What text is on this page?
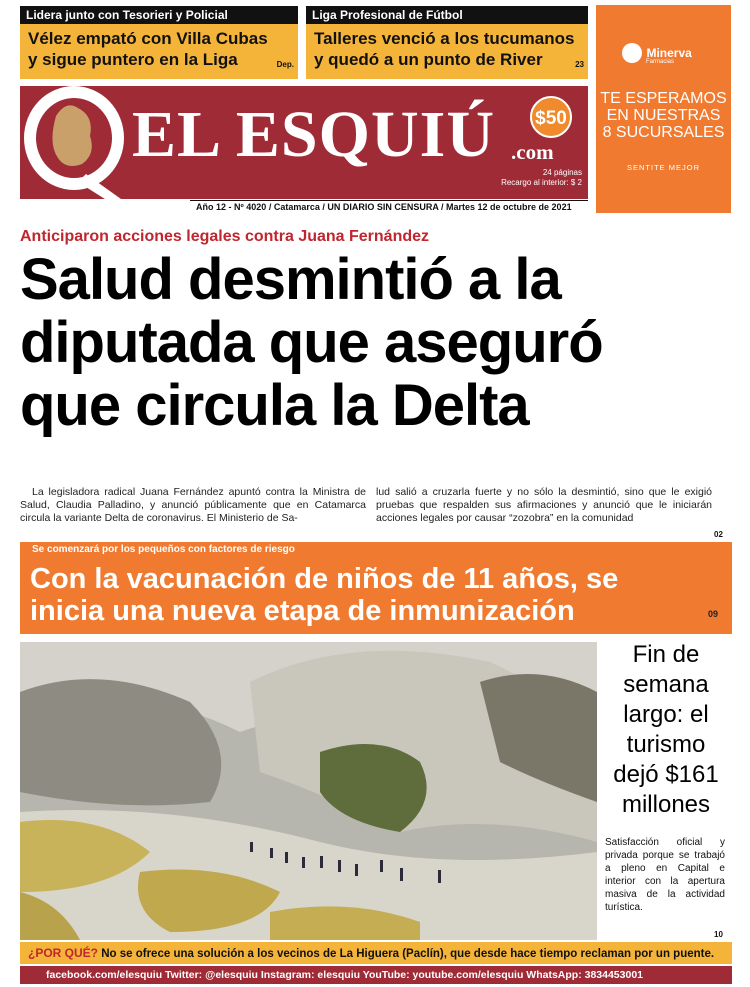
Lidera junto con Tesorieri y Policial
Vélez empató con Villa Cubas
y sigue puntero en la Liga	Dep.
Liga Profesional de Fútbol
Talleres venció a los tucumanos
y quedó a un punto de River	23
EL ESQUIÚ .com
$50
24 páginas
Recargo al interior: $ 2
Año 12 - Nº 4020 / Catamarca / UN DIARIO SIN CENSURA / Martes 12 de octubre de 2021
Minerva
Farmacias
TE ESPERAMOS
EN NUESTRAS
8 SUCURSALES
SENTITE MEJOR
Anticiparon acciones legales contra Juana Fernández
Salud desmintió a la
diputada que aseguró
que circula la Delta
La legisladora radical Juana Fernández apuntó contra la Ministra de Salud, Claudia Palladino, y anunció públicamente que en Catamarca circula la variante Delta de coronavirus. El Ministerio de Sa-
lud salió a cruzarla fuerte y no sólo la desmintió, sino que le exigió pruebas que respalden sus afirmaciones y anunció que le iniciarán acciones legales por causar “zozobra” en la comunidad
02
Se comenzará por los pequeños con factores de riesgo
Con la vacunación de niños de 11 años, se
inicia una nueva etapa de inmunización	09
Fin de
semana
largo: el
turismo
dejó $161
millones
Satisfacción oficial y privada porque se trabajó a pleno en Capital e interior con la apertura masiva de la actividad turística.
10
¿POR QUÉ? No se ofrece una solución a los vecinos de La Higuera (Paclín), que desde hace tiempo reclaman por un puente.
facebook.com/elesquiu Twitter: @elesquiu Instagram: elesquiu YouTube: youtube.com/elesquiu WhatsApp: 3834453001
